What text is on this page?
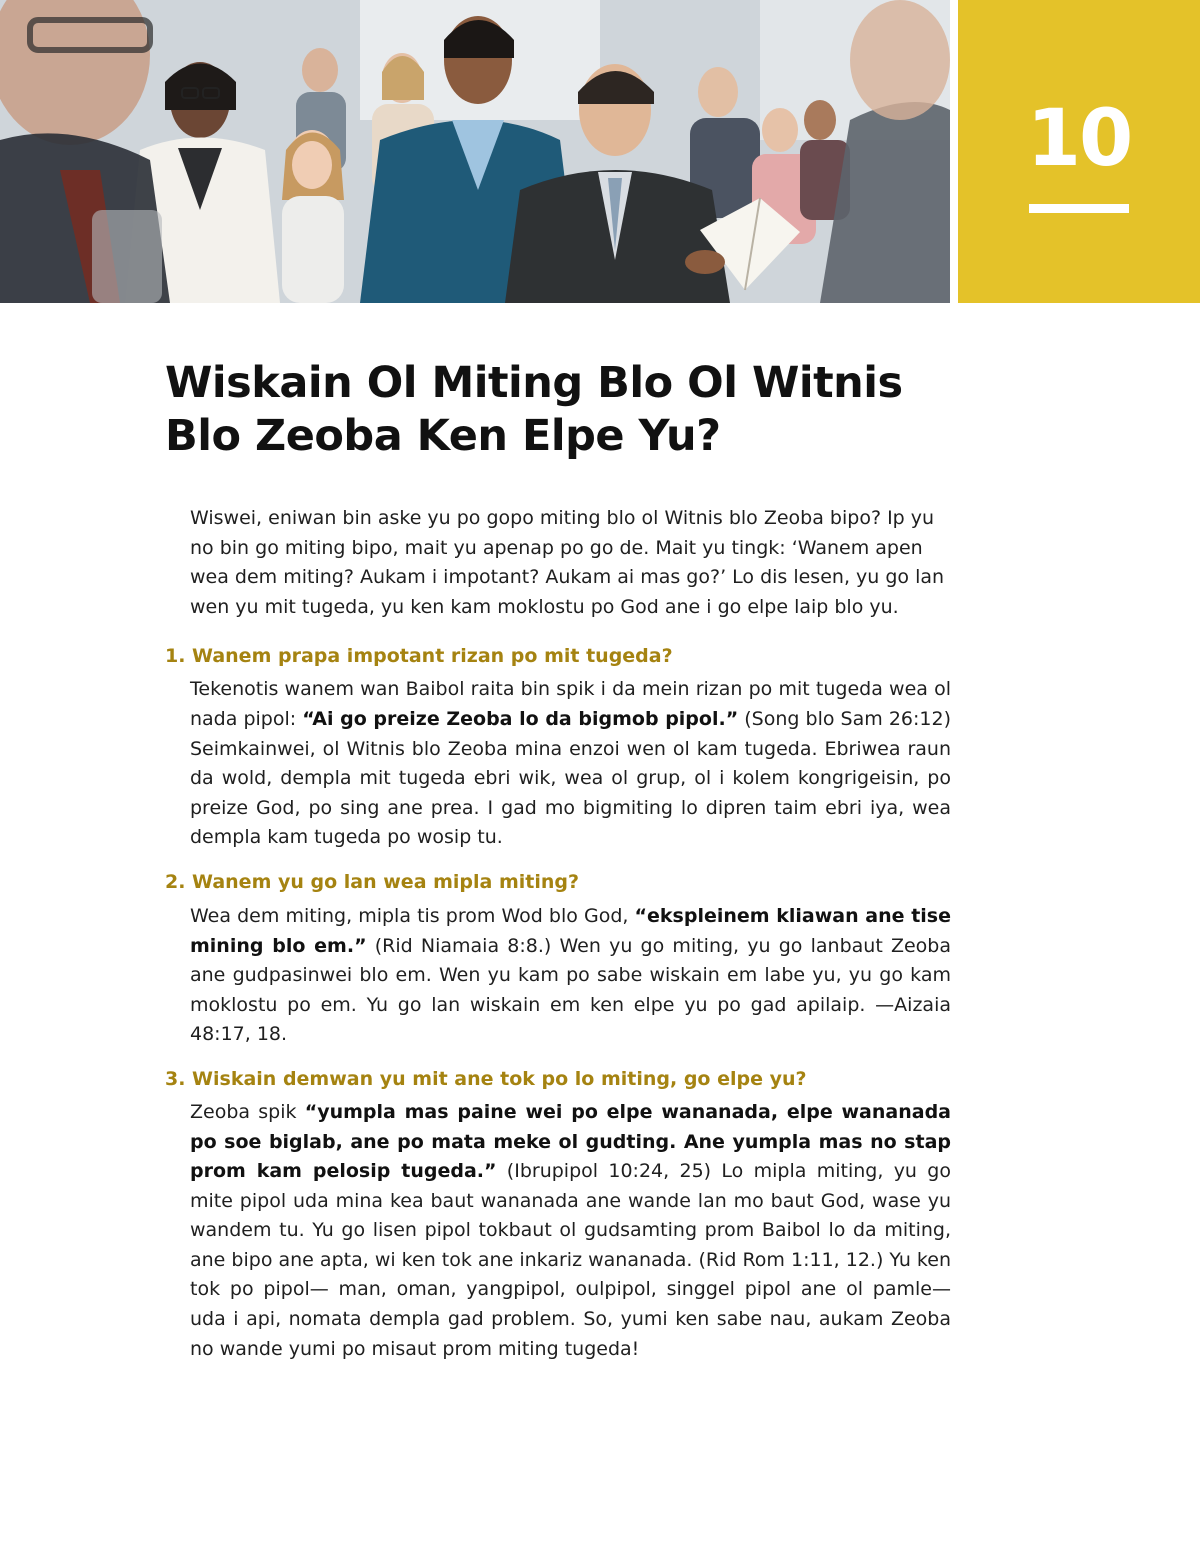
10
Wiskain Ol Miting Blo Ol Witnis
Blo Zeoba Ken Elpe Yu?

Wiswei, eniwan bin aske yu po gopo miting blo ol Witnis blo Zeoba bipo? Ip yu no bin go miting bipo, mait yu apenap po go de. Mait yu tingk: ‘Wanem apen wea dem miting? Aukam i impotant? Aukam ai mas go?’ Lo dis lesen, yu go lan wen yu mit tugeda, yu ken kam moklostu po God ane i go elpe laip blo yu.

1. Wanem prapa impotant rizan po mit tugeda?

Tekenotis wanem wan Baibol raita bin spik i da mein rizan po mit tugeda wea ol nada pipol: “Ai go preize Zeoba lo da bigmob pipol.” (Song blo Sam 26:12) Seimkainwei, ol Witnis blo Zeoba mina enzoi wen ol kam tugeda. Ebriwea raun da wold, dempla mit tugeda ebri wik, wea ol grup, ol i kolem kongrigeisin, po preize God, po sing ane prea. I gad mo bigmiting lo dipren taim ebri iya, wea dempla kam tugeda po wosip tu.

2. Wanem yu go lan wea mipla miting?

Wea dem miting, mipla tis prom Wod blo God, “ekspleinem kliawan ane tise mining blo em.” (Rid Niamaia 8:8.) Wen yu go miting, yu go lanbaut Zeoba ane gudpasinwei blo em. Wen yu kam po sabe wiskain em labe yu, yu go kam moklostu po em. Yu go lan wiskain em ken elpe yu po gad apilaip. —Aizaia 48:17, 18.

3. Wiskain demwan yu mit ane tok po lo miting, go elpe yu?

Zeoba spik “yumpla mas paine wei po elpe wananada, elpe wananada po soe biglab, ane po mata meke ol gudting. Ane yumpla mas no stap prom kam pelosip tugeda.” (Ibrupipol 10:24, 25) Lo mipla miting, yu go mite pipol uda mina kea baut wananada ane wande lan mo baut God, wase yu wandem tu. Yu go lisen pipol tokbaut ol gudsamting prom Baibol lo da miting, ane bipo ane apta, wi ken tok ane inkariz wananada. (Rid Rom 1:11, 12.) Yu ken tok po pipol— man, oman, yangpipol, oulpipol, singgel pipol ane ol pamle— uda i api, nomata dempla gad problem. So, yumi ken sabe nau, aukam Zeoba no wande yumi po misaut prom miting tugeda!
